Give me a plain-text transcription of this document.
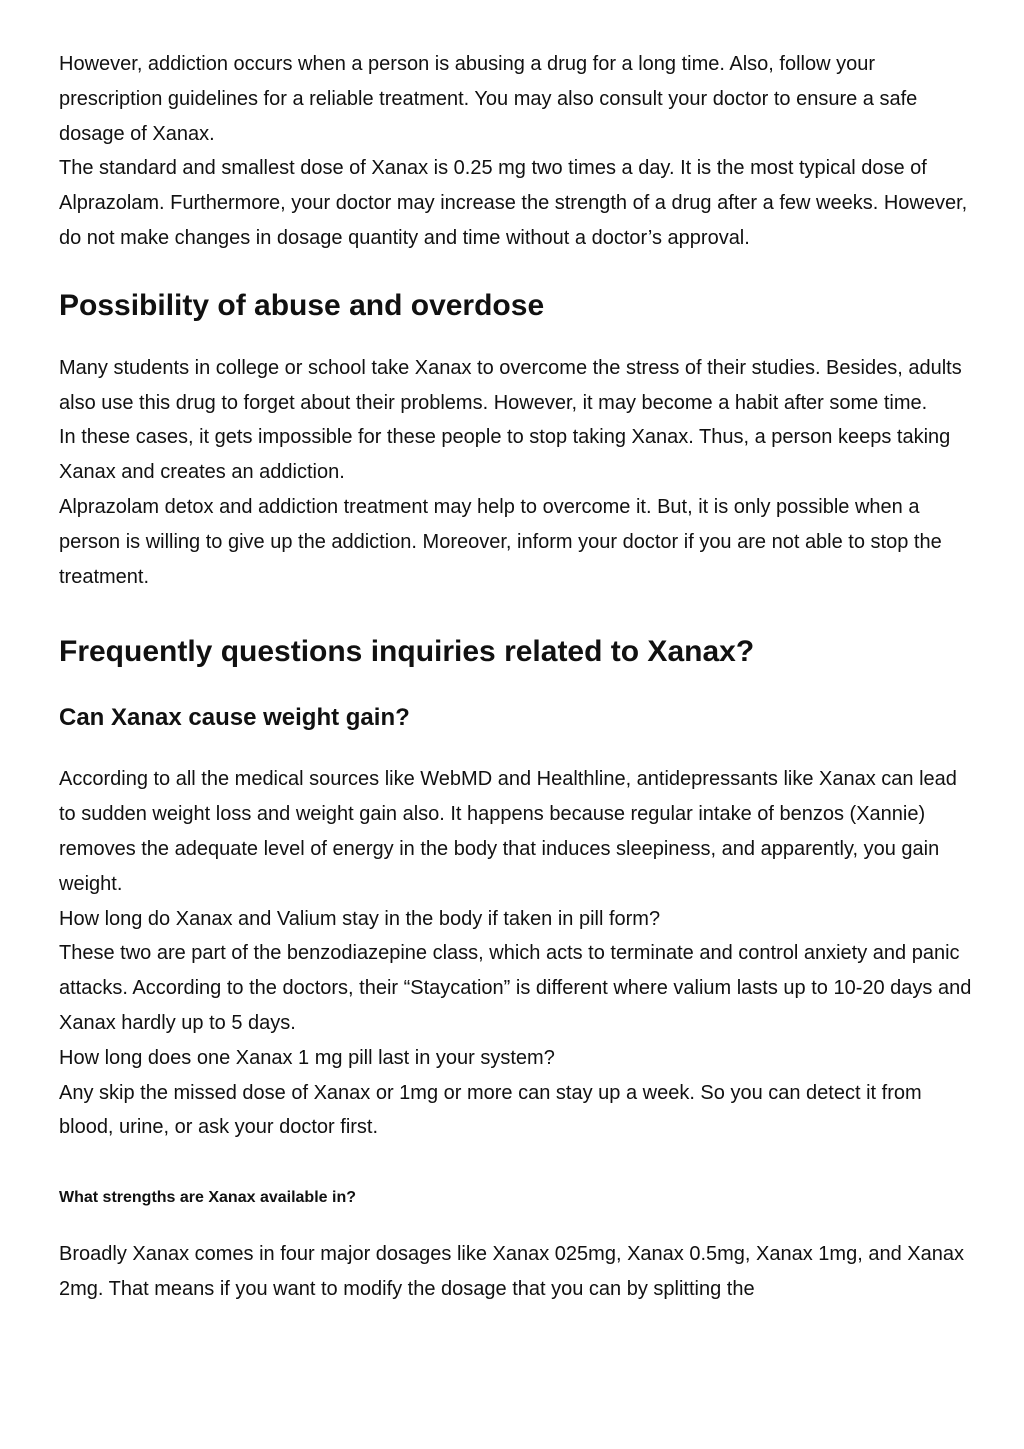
However, addiction occurs when a person is abusing a drug for a long time. Also, follow your prescription guidelines for a reliable treatment. You may also consult your doctor to ensure a safe dosage of Xanax.

The standard and smallest dose of Xanax is 0.25 mg two times a day. It is the most typical dose of Alprazolam. Furthermore, your doctor may increase the strength of a drug after a few weeks. However, do not make changes in dosage quantity and time without a doctor’s approval.

Possibility of abuse and overdose

Many students in college or school take Xanax to overcome the stress of their studies. Besides, adults also use this drug to forget about their problems. However, it may become a habit after some time.

In these cases, it gets impossible for these people to stop taking Xanax. Thus, a person keeps taking Xanax and creates an addiction.

Alprazolam detox and addiction treatment may help to overcome it. But, it is only possible when a person is willing to give up the addiction. Moreover, inform your doctor if you are not able to stop the treatment.

Frequently questions inquiries related to Xanax?
Can Xanax cause weight gain?

According to all the medical sources like WebMD and Healthline, antidepressants like Xanax can lead to sudden weight loss and weight gain also. It happens because regular intake of benzos (Xannie) removes the adequate level of energy in the body that induces sleepiness, and apparently, you gain weight.

How long do Xanax and Valium stay in the body if taken in pill form?

These two are part of the benzodiazepine class, which acts to terminate and control anxiety and panic attacks. According to the doctors, their “Staycation” is different where valium lasts up to 10-20 days and Xanax hardly up to 5 days.

How long does one Xanax 1 mg pill last in your system?

Any skip the missed dose of Xanax or 1mg or more can stay up a week. So you can detect it from blood, urine, or ask your doctor first.

What strengths are Xanax available in?

Broadly Xanax comes in four major dosages like Xanax 025mg, Xanax 0.5mg, Xanax 1mg, and Xanax 2mg. That means if you want to modify the dosage that you can by splitting the
